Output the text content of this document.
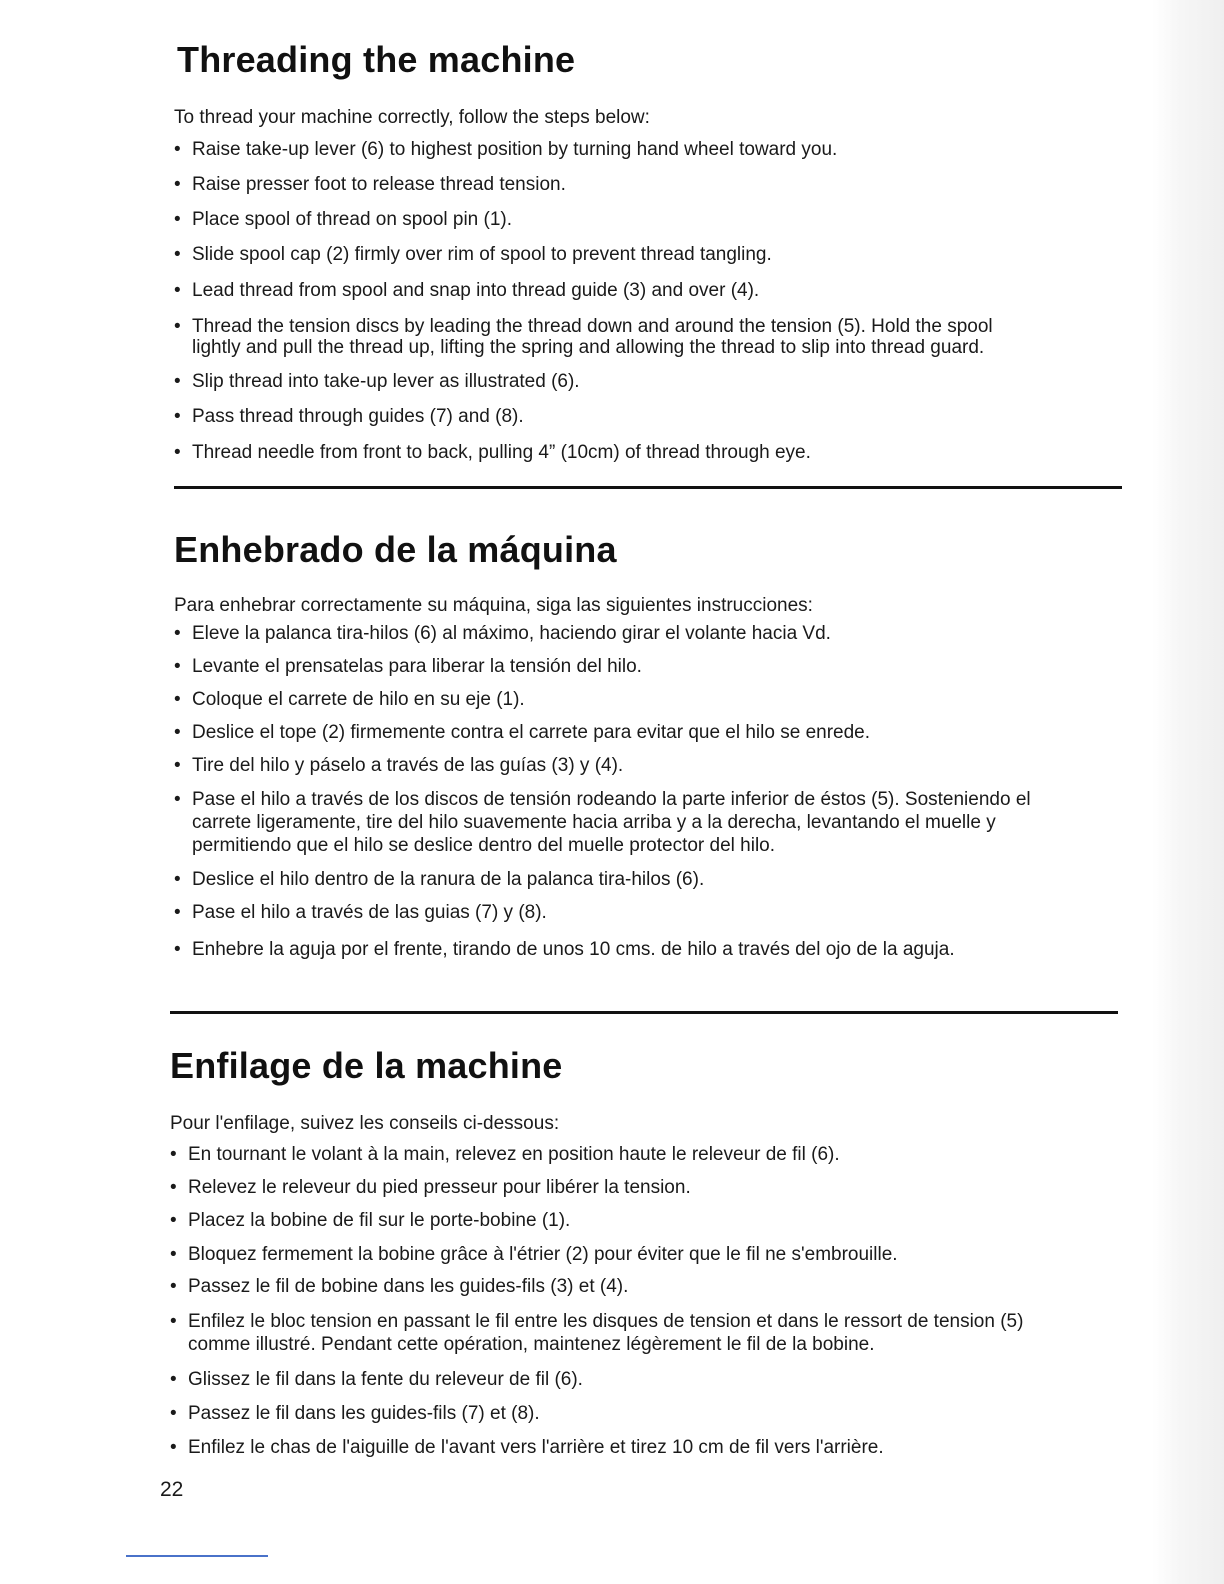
Threading the machine

To thread your machine correctly, follow the steps below:

• Raise take-up lever (6) to highest position by turning hand wheel toward you.
• Raise presser foot to release thread tension.
• Place spool of thread on spool pin (1).
• Slide spool cap (2) firmly over rim of spool to prevent thread tangling.
• Lead thread from spool and snap into thread guide (3) and over (4).
• Thread the tension discs by leading the thread down and around the tension (5). Hold the spool lightly and pull the thread up, lifting the spring and allowing the thread to slip into thread guard.
• Slip thread into take-up lever as illustrated (6).
• Pass thread through guides (7) and (8).
• Thread needle from front to back, pulling 4” (10cm) of thread through eye.
Enhebrado de la máquina

Para enhebrar correctamente su máquina, siga las siguientes instrucciones:

• Eleve la palanca tira-hilos (6) al máximo, haciendo girar el volante hacia Vd.
• Levante el prensatelas para liberar la tensión del hilo.
• Coloque el carrete de hilo en su eje (1).
• Deslice el tope (2) firmemente contra el carrete para evitar que el hilo se enrede.
• Tire del hilo y páselo a través de las guías (3) y (4).
• Pase el hilo a través de los discos de tensión rodeando la parte inferior de éstos (5). Sosteniendo el carrete ligeramente, tire del hilo suavemente hacia arriba y a la derecha, levantando el muelle y permitiendo que el hilo se deslice dentro del muelle protector del hilo.
• Deslice el hilo dentro de la ranura de la palanca tira-hilos (6).
• Pase el hilo a través de las guias (7) y (8).
• Enhebre la aguja por el frente, tirando de unos 10 cms. de hilo a través del ojo de la aguja.
Enfilage de la machine

Pour l'enfilage, suivez les conseils ci-dessous:

• En tournant le volant à la main, relevez en position haute le releveur de fil (6).
• Relevez le releveur du pied presseur pour libérer la tension.
• Placez la bobine de fil sur le porte-bobine (1).
• Bloquez fermement la bobine grâce à l'étrier (2) pour éviter que le fil ne s'embrouille.
• Passez le fil de bobine dans les guides-fils (3) et (4).
• Enfilez le bloc tension en passant le fil entre les disques de tension et dans le ressort de tension (5) comme illustré. Pendant cette opération, maintenez légèrement le fil de la bobine.
• Glissez le fil dans la fente du releveur de fil (6).
• Passez le fil dans les guides-fils (7) et (8).
• Enfilez le chas de l'aiguille de l'avant vers l'arrière et tirez 10 cm de fil vers l'arrière.

22
